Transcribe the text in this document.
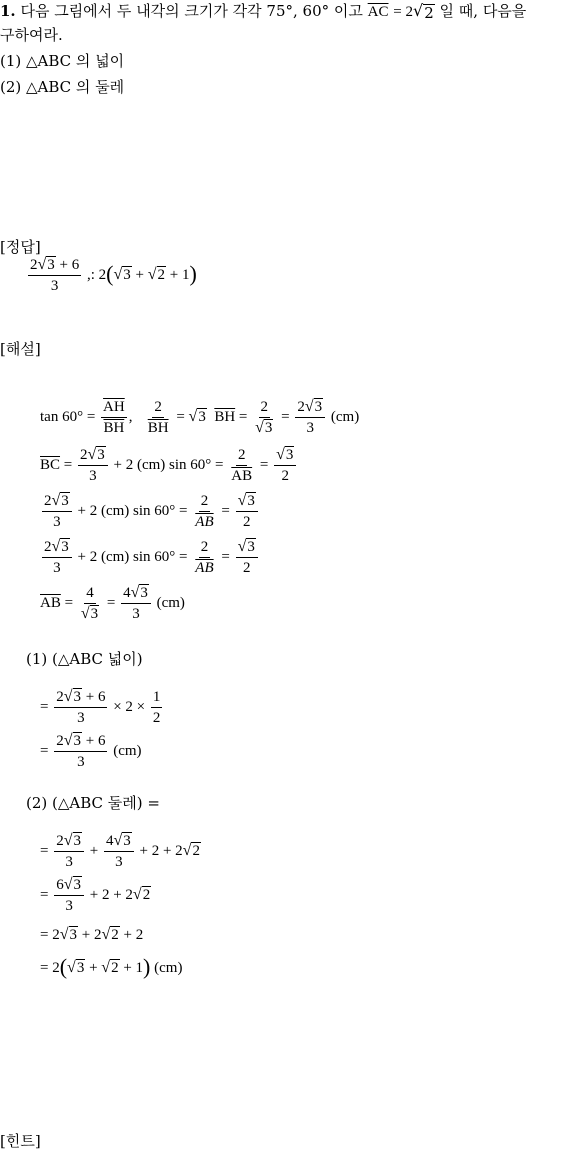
1. 다음 그림에서 두 내각의 크기가 각각 75°, 60° 이고 $\overline{AC} = 2$ √ 2 일 때, 다음을
구하여라.
(1) △ABC 의 넓이
(2) △ABC 의 둘레
[정답]
$\frac{2 √ 3 + 6}{3}$ ,: 2( √ 3 + √ 2 + 1)
[해설]
$\tan 60^\circ = \frac{\overline{AH}}{BH}$ , $\frac{2}{BH}$ = √ 3 $\overline{BH} = \frac{2}{√ 3} = \frac{2 √ 3}{3} (cm)$
$\overline{BC} = \frac{2 √ 3}{3} + 2$ (cm) $\sin 60^\circ = \frac{2}{AB} = \frac{√ 3}{2}$
$\frac{2 √ 3}{3} + 2$ (cm) $\sin 60^\circ = \frac{2}{AB} = \frac{√ 3}{2}$
$\frac{2 √ 3}{3} + 2$ (cm) $\sin 60^\circ = \frac{2}{AB} = \frac{√ 3}{2}$
$\overline{AB} = \frac{4}{√ 3} = \frac{4 √ 3}{3} (cm)$
(1) (△ABC 넓이)
= $\frac{2 √ 3 + 6}{3} \times 2 \times \frac{1}{2}$
= $\frac{2 √ 3 + 6}{3} (cm)$
(2) (△ABC 둘레) =
= $\frac{2 √ 3}{3} + \frac{4 √ 3}{3} + 2 + 2$ √ 2
= $\frac{6 √ 3}{3} + 2 + 2$ √ 2
= 2 √ 3 + 2 √ 2 + 2
= 2( √ 3 + √ 2 + 1) (cm)
[힌트]
